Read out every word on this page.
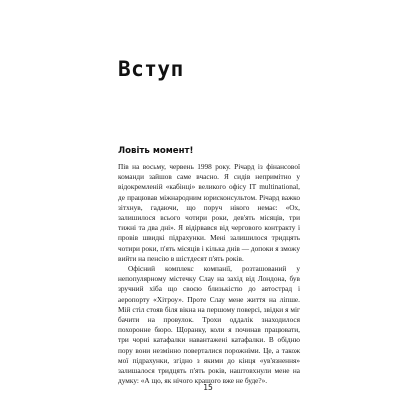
Вступ
Ловіть момент!

Пів на восьму, червень 1998 року. Річард із фінансової команди зайшов саме вчасно. Я сидів непримітно у відокремленій «кабінці» великого офісу IT multinational, де працював міжнародним юрисконсультом. Річард важко зітхнув, гадаючи, що поруч нікого немає: «Ох, залишилося всього чотири роки, дев'ять місяців, три тижні та два дні». Я відірвався від чергового контракту і провів швидкі підрахунки. Мені залишилося тридцять чотири роки, п'ять місяців і кілька днів — допоки я зможу вийти на пенсію в шістдесят п'ять років.

Офісний комплекс компанії, розташований у непопулярному містечку Слау на захід від Лондона, був зручний хіба що своєю близькістю до автострад і аеропорту «Хітроу». Проте Слау мене життя на ліпше. Мій стіл стояв біля вікна на першому поверсі, звідки я міг бачити на провулок. Трохи оддалік знаходилося похоронне бюро. Щоранку, коли я починав працювати, три чорні катафалки навантажені катафалки. В обідню пору вони незмінно поверталися порожніми. Це, а також мої підрахунки, згідно з якими до кінця «ув'язнення» залишалося тридцять п'ять років, наштовхнули мене на думку: «А що, як нічого кращого вже не буде?».

15
